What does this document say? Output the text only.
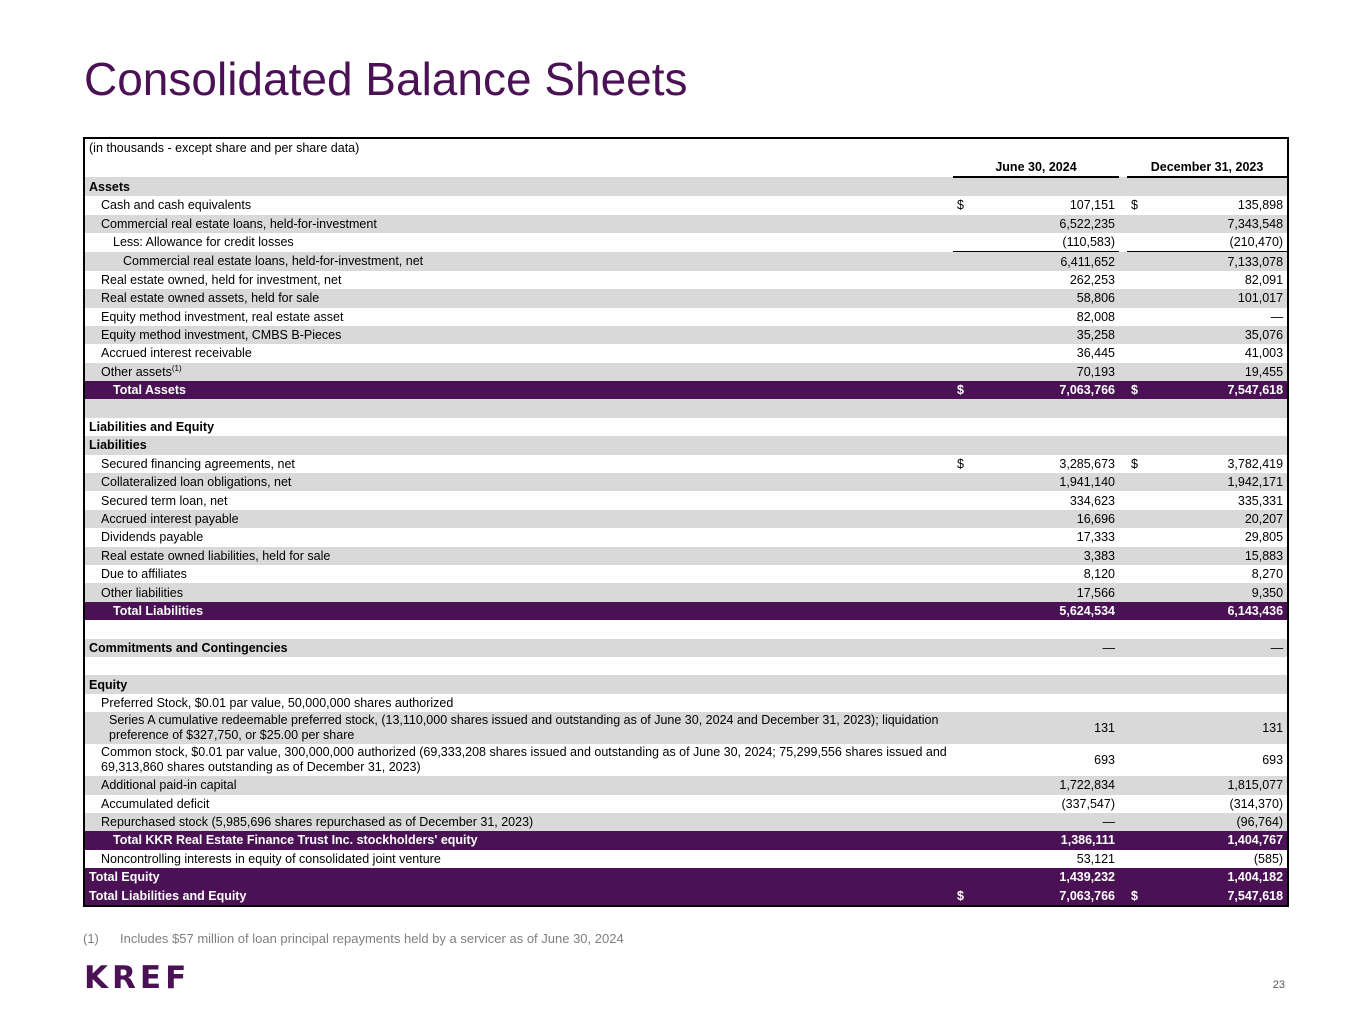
Consolidated Balance Sheets
(in thousands - except share and per share data)					
	June 30, 2024			December 31, 2023	
Assets					
Cash and cash equivalents	$	107,151		$	135,898
Commercial real estate loans, held-for-investment		6,522,235			7,343,548
Less: Allowance for credit losses		(110,583)			(210,470)
Commercial real estate loans, held-for-investment, net		6,411,652			7,133,078
Real estate owned, held for investment, net		262,253			82,091
Real estate owned assets, held for sale		58,806			101,017
Equity method investment, real estate asset		82,008			—
Equity method investment, CMBS B-Pieces		35,258			35,076
Accrued interest receivable		36,445			41,003
Other assets$^{(1)}$		70,193			19,455
Total Assets	$	7,063,766		$	7,547,618

Liabilities and Equity					
Liabilities					
Secured financing agreements, net	$	3,285,673		$	3,782,419
Collateralized loan obligations, net		1,941,140			1,942,171
Secured term loan, net		334,623			335,331
Accrued interest payable		16,696			20,207
Dividends payable		17,333			29,805
Real estate owned liabilities, held for sale		3,383			15,883
Due to affiliates		8,120			8,270
Other liabilities		17,566			9,350
Total Liabilities		5,624,534			6,143,436

Commitments and Contingencies		—			—

Equity					
Preferred Stock, $0.01 par value, 50,000,000 shares authorized					
Series A cumulative redeemable preferred stock, (13,110,000 shares issued and outstanding as of June 30, 2024 and December 31, 2023); liquidation preference of $327,750, or $25.00 per share		131			131
Common stock, $0.01 par value, 300,000,000 authorized (69,333,208 shares issued and outstanding as of June 30, 2024; 75,299,556 shares issued and 69,313,860 shares outstanding as of December 31, 2023)		693			693
Additional paid-in capital		1,722,834			1,815,077
Accumulated deficit		(337,547)			(314,370)
Repurchased stock (5,985,696 shares repurchased as of December 31, 2023)		—			(96,764)
Total KKR Real Estate Finance Trust Inc. stockholders' equity		1,386,111			1,404,767
Noncontrolling interests in equity of consolidated joint venture		53,121			(585)
Total Equity		1,439,232			1,404,182
Total Liabilities and Equity	$	7,063,766		$	7,547,618
(1) Includes $57 million of loan principal repayments held by a servicer as of June 30, 2024
KREF	23
